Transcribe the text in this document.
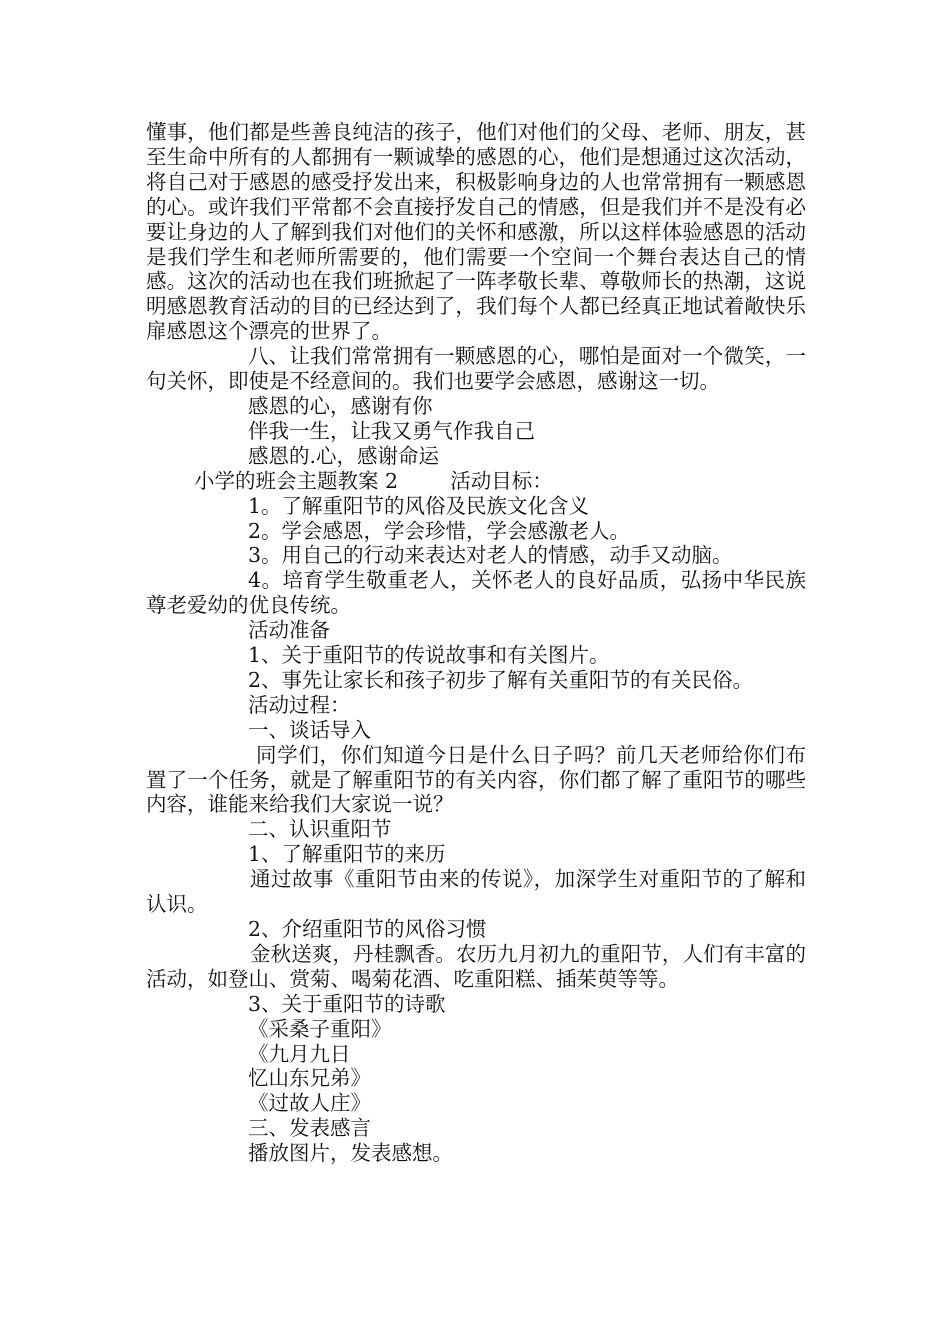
懂事，他们都是些善良纯洁的孩子，他们对他们的父母、老师、朋友，甚至生命中所有的人都拥有一颗诚挚的感恩的心，他们是想通过这次活动，将自己对于感恩的感受抒发出来，积极影响身边的人也常常拥有一颗感恩的心。或许我们平常都不会直接抒发自己的情感，但是我们并不是没有必要让身边的人了解到我们对他们的关怀和感激，所以这样体验感恩的活动是我们学生和老师所需要的，他们需要一个空间一个舞台表达自己的情感。这次的活动也在我们班掀起了一阵孝敬长辈、尊敬师长的热潮，这说明感恩教育活动的目的已经达到了，我们每个人都已经真正地试着敞快乐扉感恩这个漂亮的世界了。

八、让我们常常拥有一颗感恩的心，哪怕是面对一个微笑，一句关怀，即使是不经意间的。我们也要学会感恩，感谢这一切。

感恩的心，感谢有你

伴我一生，让我又勇气作我自己

感恩的.心，感谢命运

小学的班会主题教案 2        活动目标：

1。了解重阳节的风俗及民族文化含义

2。学会感恩，学会珍惜，学会感激老人。

3。用自己的行动来表达对老人的情感，动手又动脑。

4。培育学生敬重老人，关怀老人的良好品质，弘扬中华民族尊老爱幼的优良传统。

活动准备

1、关于重阳节的传说故事和有关图片。

2、事先让家长和孩子初步了解有关重阳节的有关民俗。

活动过程：

一、谈话导入

同学们，你们知道今日是什么日子吗？前几天老师给你们布置了一个任务，就是了解重阳节的有关内容，你们都了解了重阳节的哪些内容，谁能来给我们大家说一说？

二、认识重阳节

1、了解重阳节的来历

通过故事《重阳节由来的传说》，加深学生对重阳节的了解和认识。

2、介绍重阳节的风俗习惯

金秋送爽，丹桂飘香。农历九月初九的重阳节，人们有丰富的活动，如登山、赏菊、喝菊花酒、吃重阳糕、插茱萸等等。

3、关于重阳节的诗歌

《采桑子重阳》

《九月九日

忆山东兄弟》

《过故人庄》

三、发表感言

播放图片，发表感想。
